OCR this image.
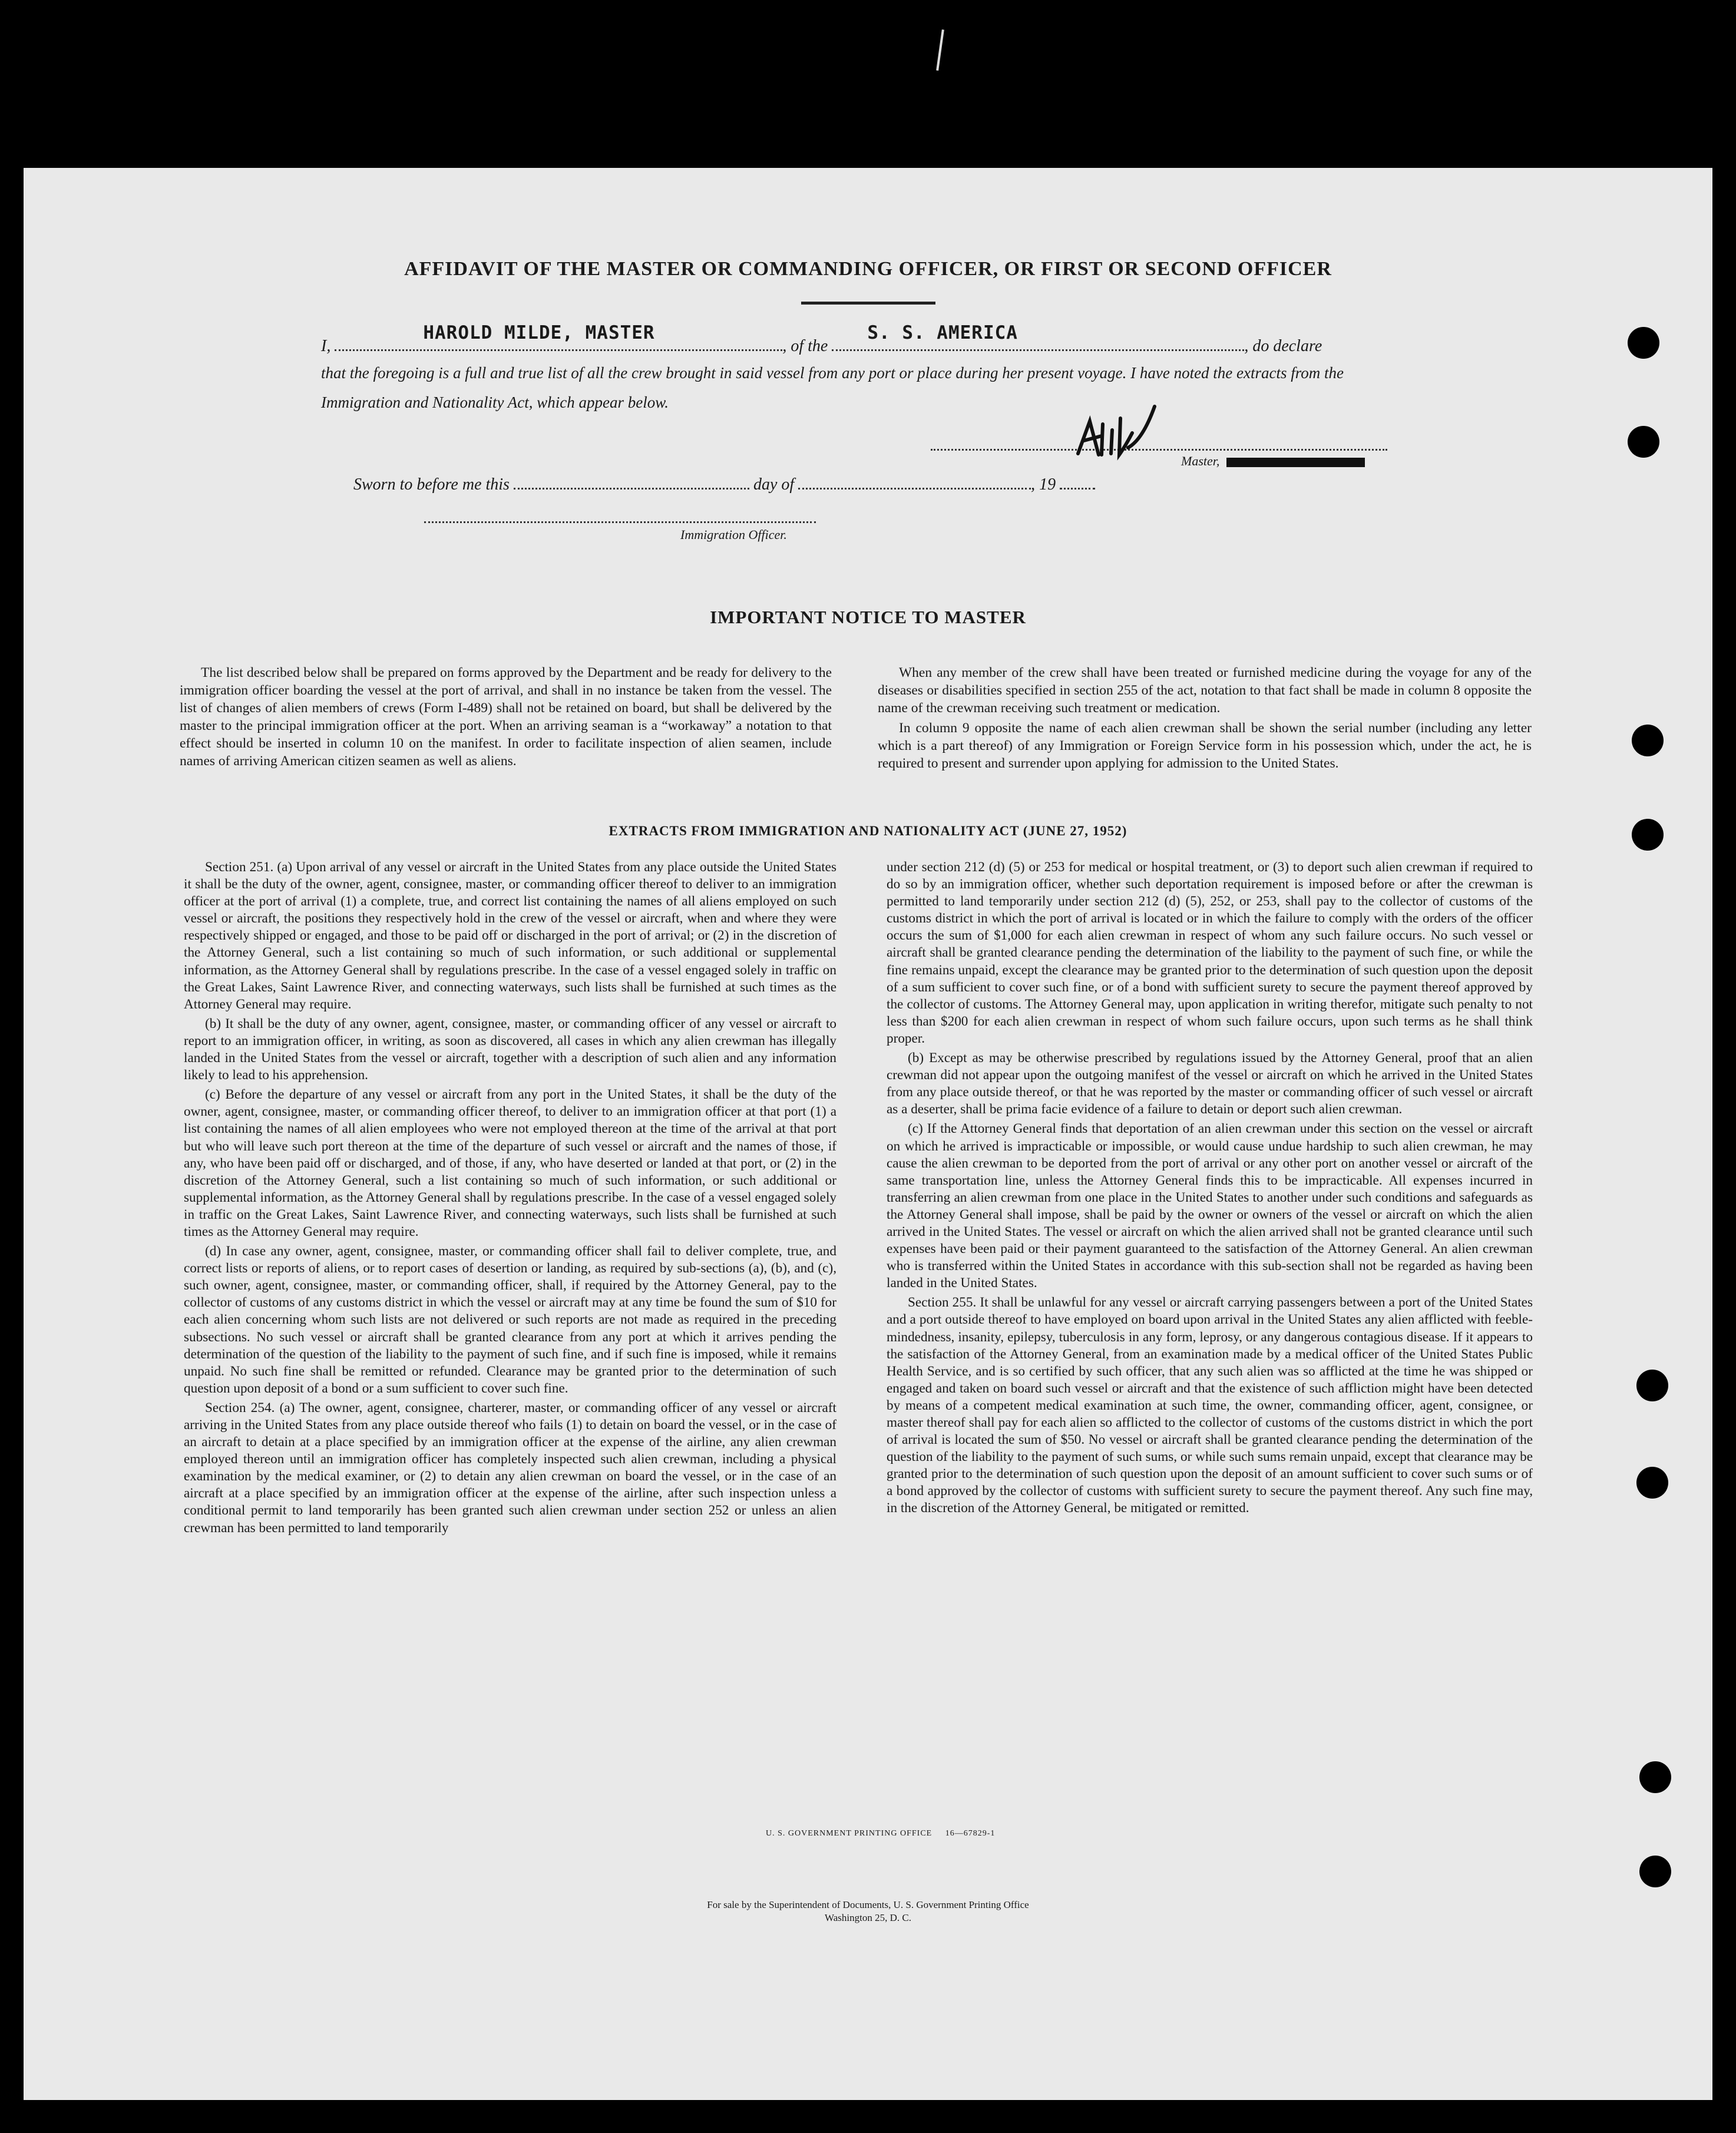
AFFIDAVIT OF THE MASTER OR COMMANDING OFFICER, OR FIRST OR SECOND OFFICER
I,
HAROLD MILDE, MASTER
, of the
S. S. AMERICA
, do declare
that the foregoing is a full and true list of all the crew brought in said vessel from any port or place during her present voyage. I have noted the extracts from the Immigration and Nationality Act, which appear below.
Master,
Sworn to before me this	day of	, 19
Immigration Officer.
IMPORTANT NOTICE TO MASTER

The list described below shall be prepared on forms approved by the Department and be ready for delivery to the immigration officer boarding the vessel at the port of arrival, and shall in no instance be taken from the vessel. The list of changes of alien members of crews (Form I-489) shall not be retained on board, but shall be delivered by the master to the principal immigration officer at the port. When an arriving seaman is a “workaway” a notation to that effect should be inserted in column 10 on the manifest. In order to facilitate inspection of alien seamen, include names of arriving American citizen seamen as well as aliens.

When any member of the crew shall have been treated or furnished medicine during the voyage for any of the diseases or disabilities specified in section 255 of the act, notation to that fact shall be made in column 8 opposite the name of the crewman receiving such treatment or medication.

In column 9 opposite the name of each alien crewman shall be shown the serial number (including any letter which is a part thereof) of any Immigration or Foreign Service form in his possession which, under the act, he is required to present and surrender upon applying for admission to the United States.

EXTRACTS FROM IMMIGRATION AND NATIONALITY ACT (JUNE 27, 1952)

Section 251. (a) Upon arrival of any vessel or aircraft in the United States from any place outside the United States it shall be the duty of the owner, agent, consignee, master, or commanding officer thereof to deliver to an immigration officer at the port of arrival (1) a complete, true, and correct list containing the names of all aliens employed on such vessel or aircraft, the positions they respectively hold in the crew of the vessel or aircraft, when and where they were respectively shipped or engaged, and those to be paid off or discharged in the port of arrival; or (2) in the discretion of the Attorney General, such a list containing so much of such information, or such additional or supplemental information, as the Attorney General shall by regulations prescribe. In the case of a vessel engaged solely in traffic on the Great Lakes, Saint Lawrence River, and connecting waterways, such lists shall be furnished at such times as the Attorney General may require.

(b) It shall be the duty of any owner, agent, consignee, master, or commanding officer of any vessel or aircraft to report to an immigration officer, in writing, as soon as discovered, all cases in which any alien crewman has illegally landed in the United States from the vessel or aircraft, together with a description of such alien and any information likely to lead to his apprehension.

(c) Before the departure of any vessel or aircraft from any port in the United States, it shall be the duty of the owner, agent, consignee, master, or commanding officer thereof, to deliver to an immigration officer at that port (1) a list containing the names of all alien employees who were not employed thereon at the time of the arrival at that port but who will leave such port thereon at the time of the departure of such vessel or aircraft and the names of those, if any, who have been paid off or discharged, and of those, if any, who have deserted or landed at that port, or (2) in the discretion of the Attorney General, such a list containing so much of such information, or such additional or supplemental information, as the Attorney General shall by regulations prescribe. In the case of a vessel engaged solely in traffic on the Great Lakes, Saint Lawrence River, and connecting waterways, such lists shall be furnished at such times as the Attorney General may require.

(d) In case any owner, agent, consignee, master, or commanding officer shall fail to deliver complete, true, and correct lists or reports of aliens, or to report cases of desertion or landing, as required by sub-sections (a), (b), and (c), such owner, agent, consignee, master, or commanding officer, shall, if required by the Attorney General, pay to the collector of customs of any customs district in which the vessel or aircraft may at any time be found the sum of $10 for each alien concerning whom such lists are not delivered or such reports are not made as required in the preceding subsections. No such vessel or aircraft shall be granted clearance from any port at which it arrives pending the determination of the question of the liability to the payment of such fine, and if such fine is imposed, while it remains unpaid. No such fine shall be remitted or refunded. Clearance may be granted prior to the determination of such question upon deposit of a bond or a sum sufficient to cover such fine.

Section 254. (a) The owner, agent, consignee, charterer, master, or commanding officer of any vessel or aircraft arriving in the United States from any place outside thereof who fails (1) to detain on board the vessel, or in the case of an aircraft to detain at a place specified by an immigration officer at the expense of the airline, any alien crewman employed thereon until an immigration officer has completely inspected such alien crewman, including a physical examination by the medical examiner, or (2) to detain any alien crewman on board the vessel, or in the case of an aircraft at a place specified by an immigration officer at the expense of the airline, after such inspection unless a conditional permit to land temporarily has been granted such alien crewman under section 252 or unless an alien crewman has been permitted to land temporarily

under section 212 (d) (5) or 253 for medical or hospital treatment, or (3) to deport such alien crewman if required to do so by an immigration officer, whether such deportation requirement is imposed before or after the crewman is permitted to land temporarily under section 212 (d) (5), 252, or 253, shall pay to the collector of customs of the customs district in which the port of arrival is located or in which the failure to comply with the orders of the officer occurs the sum of $1,000 for each alien crewman in respect of whom any such failure occurs. No such vessel or aircraft shall be granted clearance pending the determination of the liability to the payment of such fine, or while the fine remains unpaid, except the clearance may be granted prior to the determination of such question upon the deposit of a sum sufficient to cover such fine, or of a bond with sufficient surety to secure the payment thereof approved by the collector of customs. The Attorney General may, upon application in writing therefor, mitigate such penalty to not less than $200 for each alien crewman in respect of whom such failure occurs, upon such terms as he shall think proper.

(b) Except as may be otherwise prescribed by regulations issued by the Attorney General, proof that an alien crewman did not appear upon the outgoing manifest of the vessel or aircraft on which he arrived in the United States from any place outside thereof, or that he was reported by the master or commanding officer of such vessel or aircraft as a deserter, shall be prima facie evidence of a failure to detain or deport such alien crewman.

(c) If the Attorney General finds that deportation of an alien crewman under this section on the vessel or aircraft on which he arrived is impracticable or impossible, or would cause undue hardship to such alien crewman, he may cause the alien crewman to be deported from the port of arrival or any other port on another vessel or aircraft of the same transportation line, unless the Attorney General finds this to be impracticable. All expenses incurred in transferring an alien crewman from one place in the United States to another under such conditions and safeguards as the Attorney General shall impose, shall be paid by the owner or owners of the vessel or aircraft on which the alien arrived in the United States. The vessel or aircraft on which the alien arrived shall not be granted clearance until such expenses have been paid or their payment guaranteed to the satisfaction of the Attorney General. An alien crewman who is transferred within the United States in accordance with this sub-section shall not be regarded as having been landed in the United States.

Section 255. It shall be unlawful for any vessel or aircraft carrying passengers between a port of the United States and a port outside thereof to have employed on board upon arrival in the United States any alien afflicted with feeble-mindedness, insanity, epilepsy, tuberculosis in any form, leprosy, or any dangerous contagious disease. If it appears to the satisfaction of the Attorney General, from an examination made by a medical officer of the United States Public Health Service, and is so certified by such officer, that any such alien was so afflicted at the time he was shipped or engaged and taken on board such vessel or aircraft and that the existence of such affliction might have been detected by means of a competent medical examination at such time, the owner, commanding officer, agent, consignee, or master thereof shall pay for each alien so afflicted to the collector of customs of the customs district in which the port of arrival is located the sum of $50. No vessel or aircraft shall be granted clearance pending the determination of the question of the liability to the payment of such sums, or while such sums remain unpaid, except that clearance may be granted prior to the determination of such question upon the deposit of an amount sufficient to cover such sums or of a bond approved by the collector of customs with sufficient surety to secure the payment thereof. Any such fine may, in the discretion of the Attorney General, be mitigated or remitted.

U. S. GOVERNMENT PRINTING OFFICE     16—67829-1
For sale by the Superintendent of Documents, U. S. Government Printing Office
Washington 25, D. C.
